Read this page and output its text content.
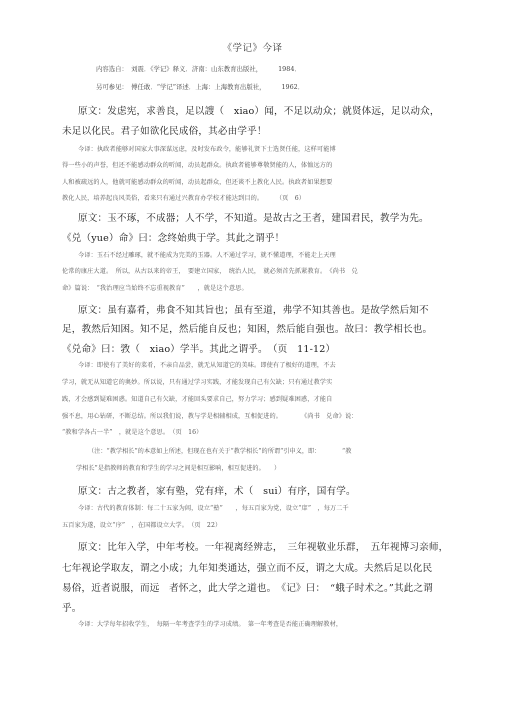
《学记》今译
内容选自：　刘震．《学记》释义．济南：山东教育出版社，　　　1984．
另可参见：　傅任敢．“学记”译述．上海：上海教育出版社，　　　1962．
原文：发虑宪，求善良，足以謏（　xiao）闻，不足以动众；就贤体远，足以动众，
未足以化民。君子如欲化民成俗，其必由学乎！
今译：执政者能够对国家大事深谋远虑，及时发布政令，能够礼贤下士选贤任能，这样可能博
得一些小的声誉，但还不能感动群众的听闻，动员起群众。执政者能够尊敬贤能的人，体恤远方的
人和被疏远的人，他就可能感动群众的听闻，动员起群众，但还谈不上教化人民。执政者如果想要
教化人民，培养起良风美俗，看来只有通过兴教育办学校才能达到目的。　　　（页　6）
原文：玉不琢，不成器；人不学，不知道。是故古之王者，建国君民，教学为先。
《兑（yue）命》曰：念终始典于学。其此之谓乎！
今译：玉石不经过雕琢，就不能成为完美的玉器。人不通过学习，就不懂道理，不能走上天理
伦常的康庄大道。　所以，从古以来的帝王，　要建立国家，　统治人民，　就必须首先抓紧教育。　《尚书　兑
命》篇说：　“我治理应当始终不忘重视教育”　　，就是这个意思。
原文：虽有嘉肴，弗食不知其旨也；虽有至道，弗学不知其善也。是故学然后知不
足，教然后知困。知不足，然后能自反也；知困，然后能自强也。故曰：教学相长也。
《兑命》曰：敩（　xiao）学半。其此之谓乎。　（页　11-12）
今译：即使有了美好的菜肴，不亲自品尝，就无从知道它的美味。即使有了极好的道理，不去
学习，就无从知道它的奥妙。所以说，只有通过学习实践，才能发现自己有欠缺；只有通过教学实
践，才会感到疑难困惑。知道自己有欠缺，才能回头要求自己，努力学习；感到疑难困惑，才能自
强不息，用心钻研，不断总结。所以我们说，教与学是相辅相成，互相促进的。　　　　《尚书　兑命》说：
“教和学各占一半”　，就是这个意思。　（页　16）
（注：“教学相长”的本意如上所述，但现在也有关于“教学相长”的所谓“引申义，即：　　　　“教
学相长”是指教师的教育和学生的学习之间是相互影响，相互促进的。　　）
原文：古之教者，家有塾，党有痒，术（　sui）有序，国有学。
今译：古代的教育体制：每二十五家为闾，设立“塾”　　，每五百家为党，设立“庠”　，每万二千
五百家为遂，设立“序”　，在国都设立大学。　（页　22）
原文：比年入学，中年考校。一年视离经辨志，　三年视敬业乐群，　五年视博习亲师，
七年视论学取友，谓之小成；九年知类通达，强立而不反，谓之大成。夫然后足以化民
易俗，近者说服，而远　者怀之，此大学之道也。　《记》曰：　“蛾子时术之。”其此之谓
乎。
今译：大学每年招收学生，　每隔一年考查学生的学习成绩。　第一年考查是否能正确理解教材，
